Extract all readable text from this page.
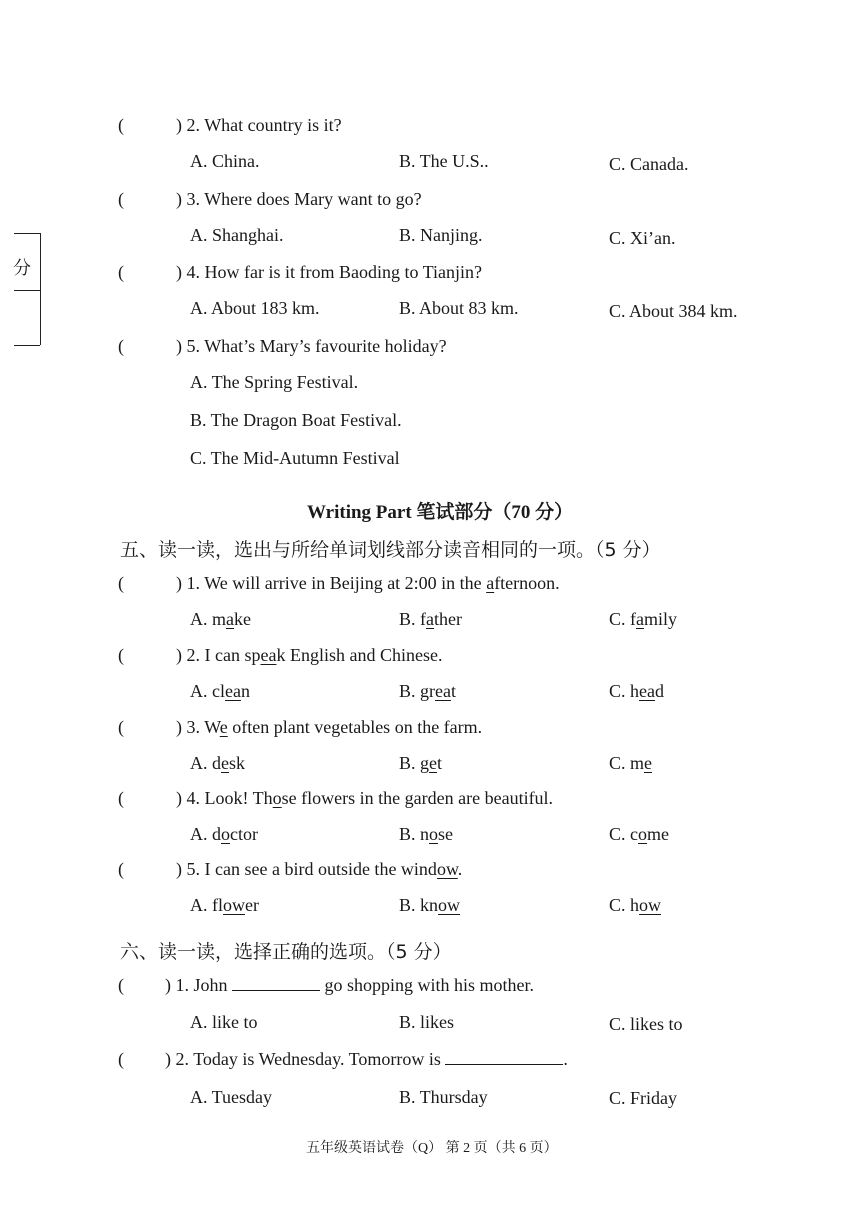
分
(	) 2. What country is it?
A. China.	B. The U.S..	C. Canada.
(	) 3. Where does Mary want to go?
A. Shanghai.	B. Nanjing.	C. Xi’an.
(	) 4. How far is it from Baoding to Tianjin?
A. About 183 km.	B. About 83 km.	C. About 384 km.
(	) 5. What’s Mary’s favourite holiday?
A. The Spring Festival.
B. The Dragon Boat Festival.
C. The Mid-Autumn Festival
Writing Part 笔试部分（70 分）
五、读一读，选出与所给单词划线部分读音相同的一项。（5 分）
(	) 1. We will arrive in Beijing at 2:00 in the afternoon.
A. make	B. father	C. family
(	) 2. I can speak English and Chinese.
A. clean	B. great	C. head
(	) 3. We often plant vegetables on the farm.
A. desk	B. get	C. me
(	) 4. Look! Those flowers in the garden are beautiful.
A. doctor	B. nose	C. come
(	) 5. I can see a bird outside the window.
A. flower	B. know	C. how
六、读一读，选择正确的选项。（5 分）
( ) 1. John	go shopping with his mother.
A. like to	B. likes	C. likes to
( ) 2. Today is Wednesday. Tomorrow is	.
A. Tuesday	B. Thursday	C. Friday
五年级英语试卷（Q） 第 2 页（共 6 页）
